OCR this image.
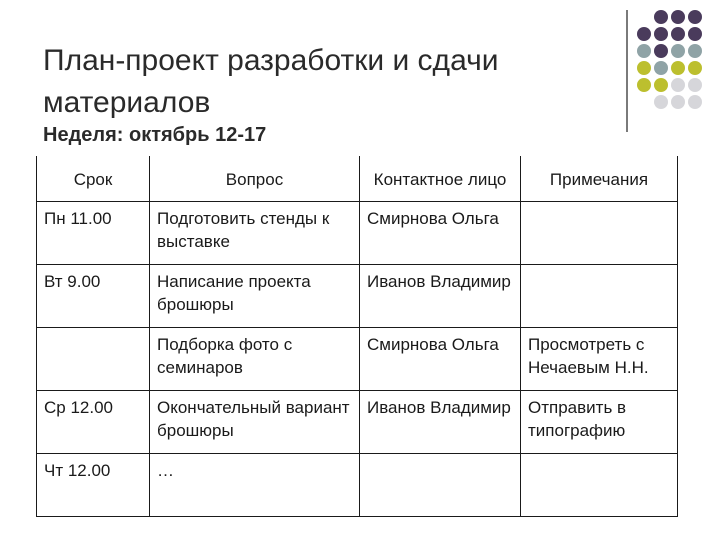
План-проект разработки и сдачи материалов
Неделя: октябрь 12-17
Срок	Вопрос	Контактное лицо	Примечания
Пн 11.00	Подготовить стенды к выставке	Смирнова Ольга	
Вт 9.00	Написание проекта брошюры	Иванов Владимир	
	Подборка фото с семинаров	Смирнова Ольга	Просмотреть с Нечаевым Н.Н.
Ср 12.00	Окончательный вариант брошюры	Иванов Владимир	Отправить в типографию
Чт 12.00	…		
